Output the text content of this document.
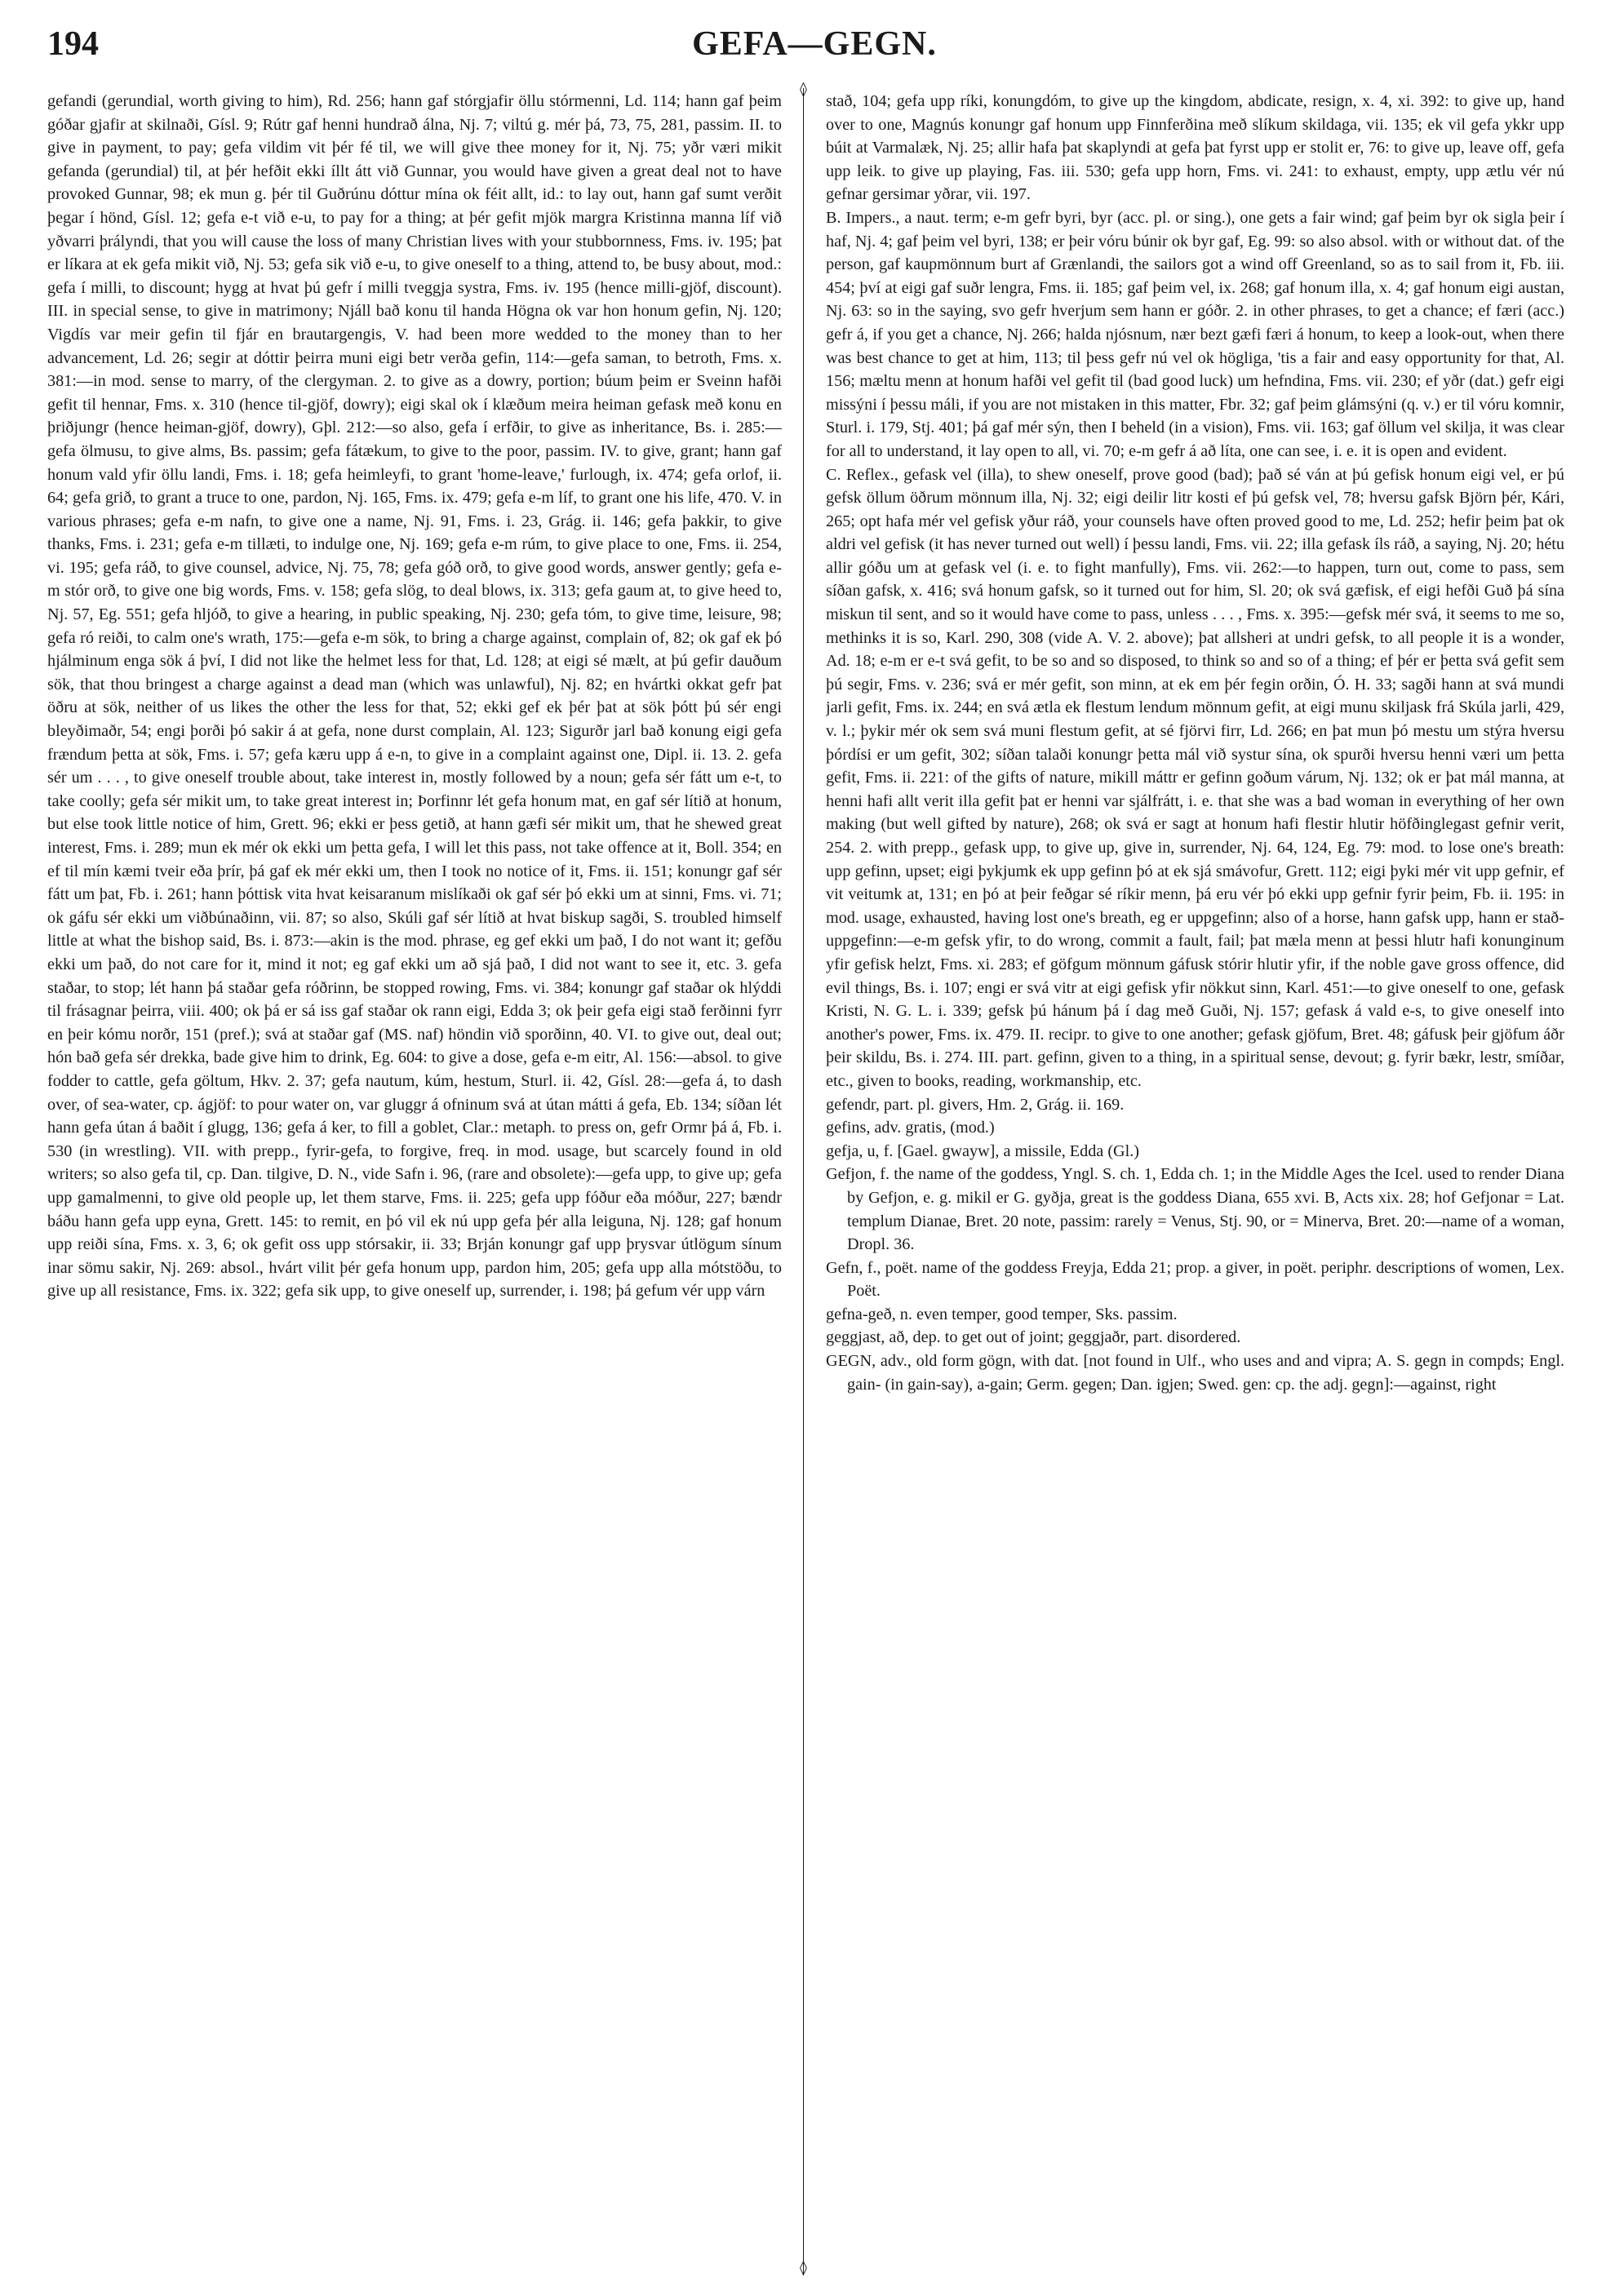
194	GEFA—GEGN.

gefandi (gerundial, worth giving to him), Rd. 256; hann gaf stórgjafir öllu stórmenni, Ld. 114; hann gaf þeim góðar gjafir at skilnaði, Gísl. 9; Rútr gaf henni hundrað álna, Nj. 7; viltú g. mér þá, 73, 75, 281, passim. II. to give in payment, to pay; gefa vildim vit þér fé til, we will give thee money for it, Nj. 75; yðr væri mikit gefanda (gerundial) til, at þér hefðit ekki íllt átt við Gunnar, you would have given a great deal not to have provoked Gunnar, 98; ek mun g. þér til Guðrúnu dóttur mína ok féit allt, id.: to lay out, hann gaf sumt verðit þegar í hönd, Gísl. 12; gefa e-t við e-u, to pay for a thing; at þér gefit mjök margra Kristinna manna líf við yðvarri þrályndi, that you will cause the loss of many Christian lives with your stubbornness, Fms. iv. 195; þat er líkara at ek gefa mikit við, Nj. 53; gefa sik við e-u, to give oneself to a thing, attend to, be busy about, mod.: gefa í milli, to discount; hygg at hvat þú gefr í milli tveggja systra, Fms. iv. 195 (hence milli-gjöf, discount). III. in special sense, to give in matrimony; Njáll bað konu til handa Högna ok var hon honum gefin, Nj. 120; Vigdís var meir gefin til fjár en brautargengis, V. had been more wedded to the money than to her advancement, Ld. 26; segir at dóttir þeirra muni eigi betr verða gefin, 114:—gefa saman, to betroth, Fms. x. 381:—in mod. sense to marry, of the clergyman. 2. to give as a dowry, portion; búum þeim er Sveinn hafði gefit til hennar, Fms. x. 310 (hence til-gjöf, dowry); eigi skal ok í klæðum meira heiman gefask með konu en þriðjungr (hence heiman-gjöf, dowry), Gþl. 212:—so also, gefa í erfðir, to give as inheritance, Bs. i. 285:—gefa ölmusu, to give alms, Bs. passim; gefa fátækum, to give to the poor, passim. IV. to give, grant; hann gaf honum vald yfir öllu landi, Fms. i. 18; gefa heimleyfi, to grant 'home-leave,' furlough, ix. 474; gefa orlof, ii. 64; gefa grið, to grant a truce to one, pardon, Nj. 165, Fms. ix. 479; gefa e-m líf, to grant one his life, 470. V. in various phrases; gefa e-m nafn, to give one a name, Nj. 91, Fms. i. 23, Grág. ii. 146; gefa þakkir, to give thanks, Fms. i. 231; gefa e-m tillæti, to indulge one, Nj. 169; gefa e-m rúm, to give place to one, Fms. ii. 254, vi. 195; gefa ráð, to give counsel, advice, Nj. 75, 78; gefa góð orð, to give good words, answer gently; gefa e-m stór orð, to give one big words, Fms. v. 158; gefa slög, to deal blows, ix. 313; gefa gaum at, to give heed to, Nj. 57, Eg. 551; gefa hljóð, to give a hearing, in public speaking, Nj. 230; gefa tóm, to give time, leisure, 98; gefa ró reiði, to calm one's wrath, 175:—gefa e-m sök, to bring a charge against, complain of, 82; ok gaf ek þó hjálminum enga sök á því, I did not like the helmet less for that, Ld. 128; at eigi sé mælt, at þú gefir dauðum sök, that thou bringest a charge against a dead man (which was unlawful), Nj. 82; en hvártki okkat gefr þat öðru at sök, neither of us likes the other the less for that, 52; ekki gef ek þér þat at sök þótt þú sér engi bleyðimaðr, 54; engi þorði þó sakir á at gefa, none durst complain, Al. 123; Sigurðr jarl bað konung eigi gefa frændum þetta at sök, Fms. i. 57; gefa kæru upp á e-n, to give in a complaint against one, Dipl. ii. 13. 2. gefa sér um . . . , to give oneself trouble about, take interest in, mostly followed by a noun; gefa sér fátt um e-t, to take coolly; gefa sér mikit um, to take great interest in; Þorfinnr lét gefa honum mat, en gaf sér lítið at honum, but else took little notice of him, Grett. 96; ekki er þess getið, at hann gæfi sér mikit um, that he shewed great interest, Fms. i. 289; mun ek mér ok ekki um þetta gefa, I will let this pass, not take offence at it, Boll. 354; en ef til mín kæmi tveir eða þrír, þá gaf ek mér ekki um, then I took no notice of it, Fms. ii. 151; konungr gaf sér fátt um þat, Fb. i. 261; hann þóttisk vita hvat keisaranum mislíkaði ok gaf sér þó ekki um at sinni, Fms. vi. 71; ok gáfu sér ekki um viðbúnaðinn, vii. 87; so also, Skúli gaf sér lítið at hvat biskup sagði, S. troubled himself little at what the bishop said, Bs. i. 873:—akin is the mod. phrase, eg gef ekki um það, I do not want it; gefðu ekki um það, do not care for it, mind it not; eg gaf ekki um að sjá það, I did not want to see it, etc. 3. gefa staðar, to stop; lét hann þá staðar gefa róðrinn, be stopped rowing, Fms. vi. 384; konungr gaf staðar ok hlýddi til frásagnar þeirra, viii. 400; ok þá er sá iss gaf staðar ok rann eigi, Edda 3; ok þeir gefa eigi stað ferðinni fyrr en þeir kómu norðr, 151 (pref.); svá at staðar gaf (MS. naf) höndin við sporðinn, 40. VI. to give out, deal out; hón bað gefa sér drekka, bade give him to drink, Eg. 604: to give a dose, gefa e-m eitr, Al. 156:—absol. to give fodder to cattle, gefa göltum, Hkv. 2. 37; gefa nautum, kúm, hestum, Sturl. ii. 42, Gísl. 28:—gefa á, to dash over, of sea-water, cp. ágjöf: to pour water on, var gluggr á ofninum svá at útan mátti á gefa, Eb. 134; síðan lét hann gefa útan á baðit í glugg, 136; gefa á ker, to fill a goblet, Clar.: metaph. to press on, gefr Ormr þá á, Fb. i. 530 (in wrestling). VII. with prepp., fyrir-gefa, to forgive, freq. in mod. usage, but scarcely found in old writers; so also gefa til, cp. Dan. tilgive, D. N., vide Safn i. 96, (rare and obsolete):—gefa upp, to give up; gefa upp gamalmenni, to give old people up, let them starve, Fms. ii. 225; gefa upp fóður eða móður, 227; bændr báðu hann gefa upp eyna, Grett. 145: to remit, en þó vil ek nú upp gefa þér alla leiguna, Nj. 128; gaf honum upp reiði sína, Fms. x. 3, 6; ok gefit oss upp stórsakir, ii. 33; Brján konungr gaf upp þrysvar útlögum sínum inar sömu sakir, Nj. 269: absol., hvárt vilit þér gefa honum upp, pardon him, 205; gefa upp alla mótstöðu, to give up all resistance, Fms. ix. 322; gefa sik upp, to give oneself up, surrender, i. 198; þá gefum vér upp várn

◊
◊

stað, 104; gefa upp ríki, konungdóm, to give up the kingdom, abdicate, resign, x. 4, xi. 392: to give up, hand over to one, Magnús konungr gaf honum upp Finnferðina með slíkum skildaga, vii. 135; ek vil gefa ykkr upp búit at Varmalæk, Nj. 25; allir hafa þat skaplyndi at gefa þat fyrst upp er stolit er, 76: to give up, leave off, gefa upp leik. to give up playing, Fas. iii. 530; gefa upp horn, Fms. vi. 241: to exhaust, empty, upp ætlu vér nú gefnar gersimar yðrar, vii. 197.

B. Impers., a naut. term; e-m gefr byri, byr (acc. pl. or sing.), one gets a fair wind; gaf þeim byr ok sigla þeir í haf, Nj. 4; gaf þeim vel byri, 138; er þeir vóru búnir ok byr gaf, Eg. 99: so also absol. with or without dat. of the person, gaf kaupmönnum burt af Grænlandi, the sailors got a wind off Greenland, so as to sail from it, Fb. iii. 454; því at eigi gaf suðr lengra, Fms. ii. 185; gaf þeim vel, ix. 268; gaf honum illa, x. 4; gaf honum eigi austan, Nj. 63: so in the saying, svo gefr hverjum sem hann er góðr. 2. in other phrases, to get a chance; ef færi (acc.) gefr á, if you get a chance, Nj. 266; halda njósnum, nær bezt gæfi færi á honum, to keep a look-out, when there was best chance to get at him, 113; til þess gefr nú vel ok högliga, 'tis a fair and easy opportunity for that, Al. 156; mæltu menn at honum hafði vel gefit til (bad good luck) um hefndina, Fms. vii. 230; ef yðr (dat.) gefr eigi missýni í þessu máli, if you are not mistaken in this matter, Fbr. 32; gaf þeim glámsýni (q. v.) er til vóru komnir, Sturl. i. 179, Stj. 401; þá gaf mér sýn, then I beheld (in a vision), Fms. vii. 163; gaf öllum vel skilja, it was clear for all to understand, it lay open to all, vi. 70; e-m gefr á að líta, one can see, i. e. it is open and evident.

C. Reflex., gefask vel (illa), to shew oneself, prove good (bad); það sé ván at þú gefisk honum eigi vel, er þú gefsk öllum öðrum mönnum illa, Nj. 32; eigi deilir litr kosti ef þú gefsk vel, 78; hversu gafsk Björn þér, Kári, 265; opt hafa mér vel gefisk yður ráð, your counsels have often proved good to me, Ld. 252; hefir þeim þat ok aldri vel gefisk (it has never turned out well) í þessu landi, Fms. vii. 22; illa gefask íls ráð, a saying, Nj. 20; hétu allir góðu um at gefask vel (i. e. to fight manfully), Fms. vii. 262:—to happen, turn out, come to pass, sem síðan gafsk, x. 416; svá honum gafsk, so it turned out for him, Sl. 20; ok svá gæfisk, ef eigi hefði Guð þá sína miskun til sent, and so it would have come to pass, unless . . . , Fms. x. 395:—gefsk mér svá, it seems to me so, methinks it is so, Karl. 290, 308 (vide A. V. 2. above); þat allsheri at undri gefsk, to all people it is a wonder, Ad. 18; e-m er e-t svá gefit, to be so and so disposed, to think so and so of a thing; ef þér er þetta svá gefit sem þú segir, Fms. v. 236; svá er mér gefit, son minn, at ek em þér fegin orðin, Ó. H. 33; sagði hann at svá mundi jarli gefit, Fms. ix. 244; en svá ætla ek flestum lendum mönnum gefit, at eigi munu skiljask frá Skúla jarli, 429, v. l.; þykir mér ok sem svá muni flestum gefit, at sé fjörvi firr, Ld. 266; en þat mun þó mestu um stýra hversu þórdísi er um gefit, 302; síðan talaði konungr þetta mál við systur sína, ok spurði hversu henni væri um þetta gefit, Fms. ii. 221: of the gifts of nature, mikill máttr er gefinn goðum várum, Nj. 132; ok er þat mál manna, at henni hafi allt verit illa gefit þat er henni var sjálfrátt, i. e. that she was a bad woman in everything of her own making (but well gifted by nature), 268; ok svá er sagt at honum hafi flestir hlutir höfðinglegast gefnir verit, 254. 2. with prepp., gefask upp, to give up, give in, surrender, Nj. 64, 124, Eg. 79: mod. to lose one's breath: upp gefinn, upset; eigi þykjumk ek upp gefinn þó at ek sjá smávofur, Grett. 112; eigi þyki mér vit upp gefnir, ef vit veitumk at, 131; en þó at þeir feðgar sé ríkir menn, þá eru vér þó ekki upp gefnir fyrir þeim, Fb. ii. 195: in mod. usage, exhausted, having lost one's breath, eg er uppgefinn; also of a horse, hann gafsk upp, hann er stað-uppgefinn:—e-m gefsk yfir, to do wrong, commit a fault, fail; þat mæla menn at þessi hlutr hafi konunginum yfir gefisk helzt, Fms. xi. 283; ef göfgum mönnum gáfusk stórir hlutir yfir, if the noble gave gross offence, did evil things, Bs. i. 107; engi er svá vitr at eigi gefisk yfir nökkut sinn, Karl. 451:—to give oneself to one, gefask Kristi, N. G. L. i. 339; gefsk þú hánum þá í dag með Guði, Nj. 157; gefask á vald e-s, to give oneself into another's power, Fms. ix. 479. II. recipr. to give to one another; gefask gjöfum, Bret. 48; gáfusk þeir gjöfum áðr þeir skildu, Bs. i. 274. III. part. gefinn, given to a thing, in a spiritual sense, devout; g. fyrir bækr, lestr, smíðar, etc., given to books, reading, workmanship, etc.

gefendr, part. pl. givers, Hm. 2, Grág. ii. 169.

gefins, adv. gratis, (mod.)

gefja, u, f. [Gael. gwayw], a missile, Edda (Gl.)

Gefjon, f. the name of the goddess, Yngl. S. ch. 1, Edda ch. 1; in the Middle Ages the Icel. used to render Diana by Gefjon, e. g. mikil er G. gyðja, great is the goddess Diana, 655 xvi. B, Acts xix. 28; hof Gefjonar = Lat. templum Dianae, Bret. 20 note, passim: rarely = Venus, Stj. 90, or = Minerva, Bret. 20:—name of a woman, Dropl. 36.

Gefn, f., poët. name of the goddess Freyja, Edda 21; prop. a giver, in poët. periphr. descriptions of women, Lex. Poët.

gefna-geð, n. even temper, good temper, Sks. passim.

geggjast, að, dep. to get out of joint; geggjaðr, part. disordered.

GEGN, adv., old form gögn, with dat. [not found in Ulf., who uses and and vipra; A. S. gegn in compds; Engl. gain- (in gain-say), a-gain; Germ. gegen; Dan. igjen; Swed. gen: cp. the adj. gegn]:—against, right
